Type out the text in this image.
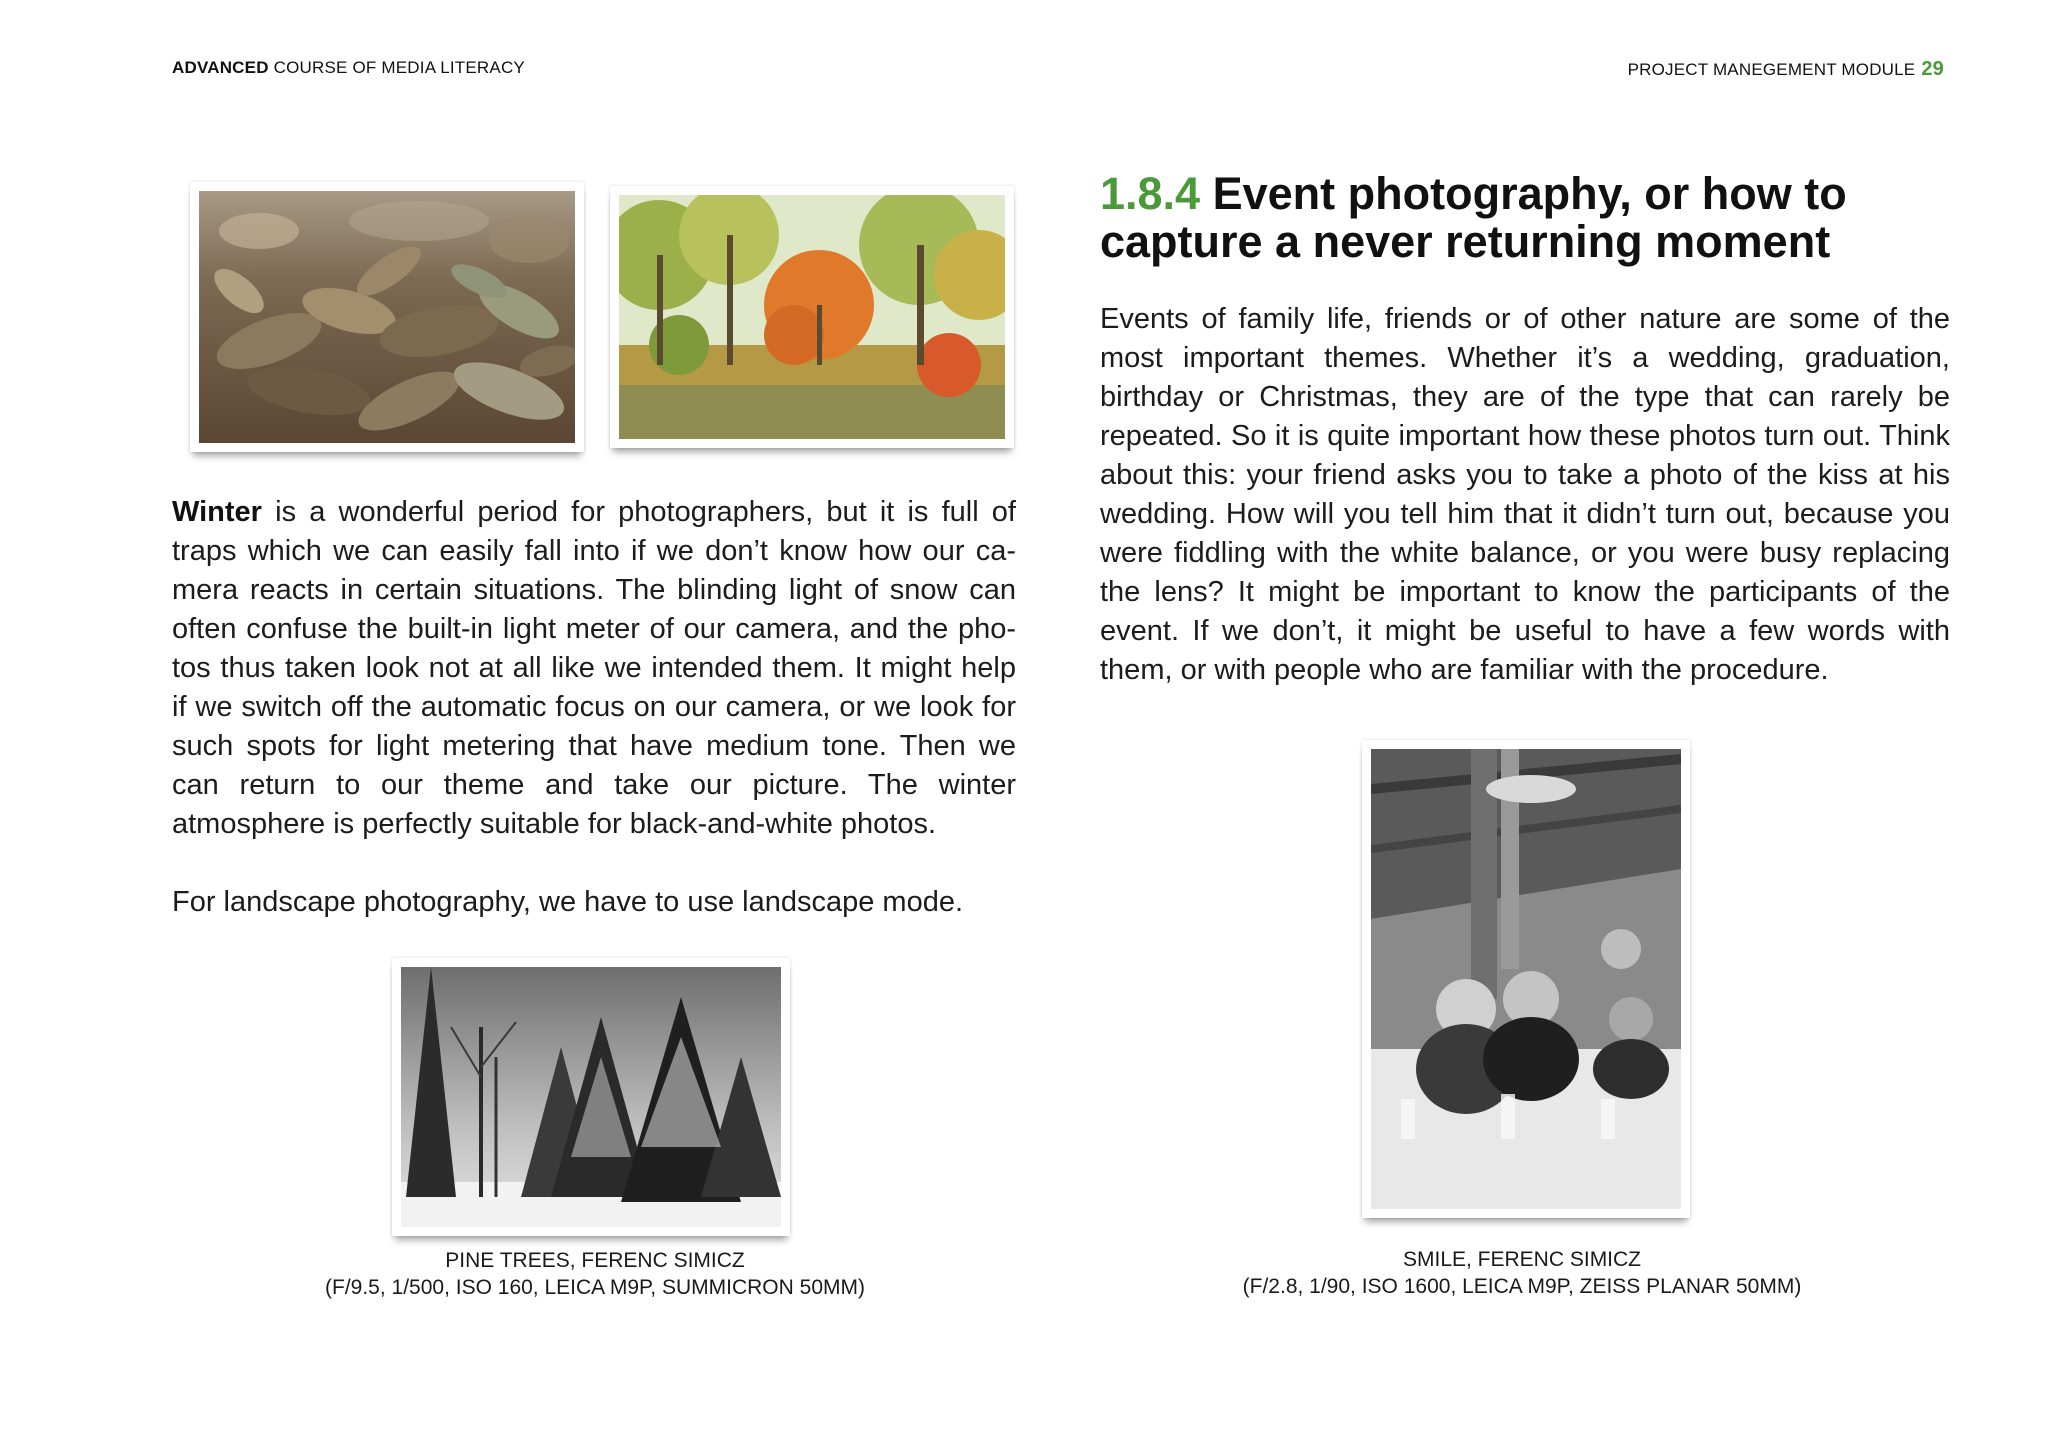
ADVANCED COURSE OF MEDIA LITERACY	PROJECT MANEGEMENT MODULE 29

Winter is a wonderful period for photographers, but it is full of traps which we can easily fall into if we don’t know how our ca-mera reacts in certain situations. The blinding light of snow can often confuse the built-in light meter of our camera, and the pho-tos thus taken look not at all like we intended them. It might help if we switch off the automatic focus on our camera, or we look for such spots for light metering that have medium tone. Then we can return to our theme and take our picture. The winter atmosphere is perfectly suitable for black-and-white photos.

For landscape photography, we have to use landscape mode.

PINE TREES, FERENC SIMICZ
(F/9.5, 1/500, ISO 160, LEICA M9P, SUMMICRON 50MM)
1.8.4 Event photography, or how to capture a never returning moment

Events of family life, friends or of other nature are some of the most important themes. Whether it’s a wedding, graduation, birthday or Christmas, they are of the type that can rarely be repeated. So it is quite important how these photos turn out. Think about this: your friend asks you to take a photo of the kiss at his wedding. How will you tell him that it didn’t turn out, because you were fiddling with the white balance, or you were busy replacing the lens? It might be important to know the participants of the event. If we don’t, it might be useful to have a few words with them, or with people who are familiar with the procedure.

SMILE, FERENC SIMICZ
(F/2.8, 1/90, ISO 1600, LEICA M9P, ZEISS PLANAR 50MM)
